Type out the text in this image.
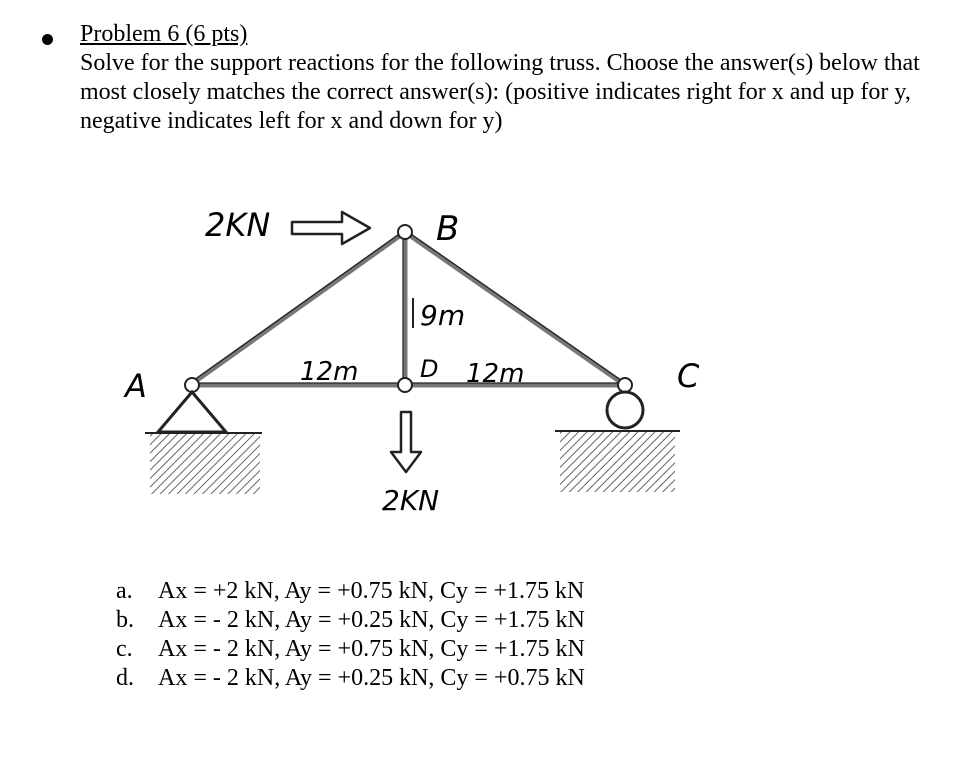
Problem 6 (6 pts)

Solve for the support reactions for the following truss. Choose the answer(s) below that most closely matches the correct answer(s): (positive indicates right for x and up for y, negative indicates left for x and down for y)

2KN	B
9m
A	12m	D 12m	C
2KN
a.	Ax = +2 kN, Ay = +0.75 kN, Cy = +1.75 kN
b.	Ax = - 2 kN, Ay = +0.25 kN, Cy = +1.75 kN
c.	Ax = - 2 kN, Ay = +0.75 kN, Cy = +1.75 kN
d.	Ax = - 2 kN, Ay = +0.25 kN, Cy = +0.75 kN
